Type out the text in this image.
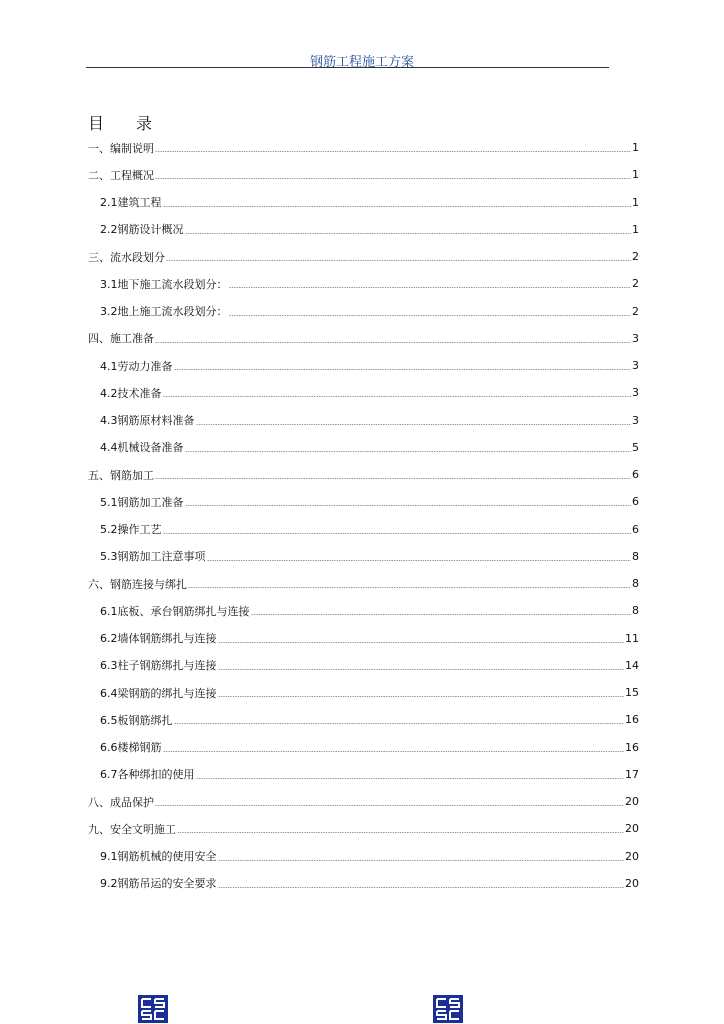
钢筋工程施工方案
目 录
一、编制说明	1
二、工程概况	1
2.1建筑工程	1
2.2钢筋设计概况	1
三、流水段划分	2
3.1地下施工流水段划分：	2
3.2地上施工流水段划分：	2
四、施工准备	3
4.1劳动力准备	3
4.2技术准备	3
4.3钢筋原材料准备	3
4.4机械设备准备	5
五、钢筋加工	6
5.1钢筋加工准备	6
5.2操作工艺	6
5.3钢筋加工注意事项	8
六、钢筋连接与绑扎	8
6.1底板、承台钢筋绑扎与连接	8
6.2墙体钢筋绑扎与连接	11
6.3柱子钢筋绑扎与连接	14
6.4梁钢筋的绑扎与连接	15
6.5板钢筋绑扎	16
6.6楼梯钢筋	16
6.7各种绑扣的使用	17
八、成品保护	20
九、安全文明施工	20
9.1钢筋机械的使用安全	20
9.2钢筋吊运的安全要求	20
